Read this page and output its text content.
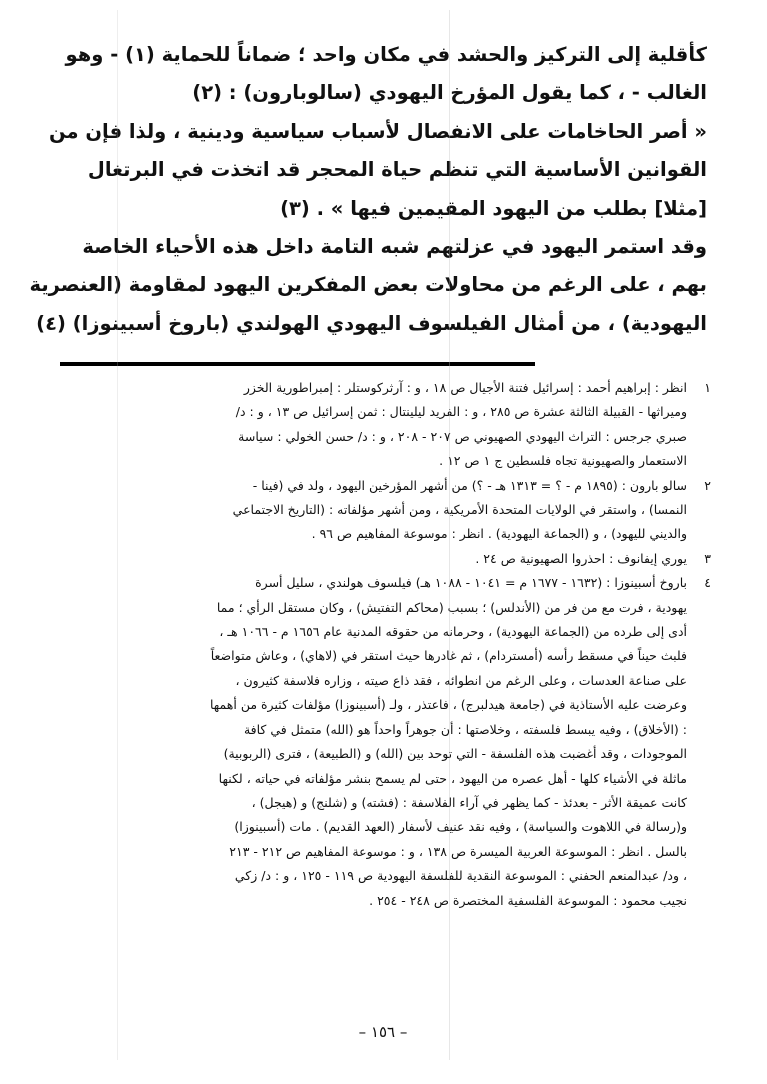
كأقلية إلى التركيز والحشد في مكان واحد ؛ ضماناً للحماية (١) - وهو
الغالب - ، كما يقول المؤرخ اليهودي (سالوبارون) : (٢)
« أصر الحاخامات على الانفصال لأسباب سياسية ودينية ، ولذا فإن من
القوانين الأساسية التي تنظم حياة المحجر قد اتخذت في البرتغال
[مثلا] بطلب من اليهود المقيمين فيها » . (٣)
وقد استمر اليهود في عزلتهم شبه التامة داخل هذه الأحياء الخاصة
بهم ، على الرغم من محاولات بعض المفكرين اليهود لمقاومة (العنصرية
اليهودية) ، من أمثال الفيلسوف اليهودي الهولندي (باروخ أسبينوزا) (٤)
١
انظر : إبراهيم أحمد : إسرائيل فتنة الأجيال ص ١٨ ، و : آرثركوستلر : إمبراطورية الخزر
وميراثها - القبيلة الثالثة عشرة ص ٢٨٥ ، و : الفريد ليلينتال : ثمن إسرائيل ص ١٣ ، و : د/
صبري جرجس : التراث اليهودي الصهيوني ص ٢٠٧ - ٢٠٨ ، و : د/ حسن الخولي : سياسة
الاستعمار والصهيونية تجاه فلسطين ج ١ ص ١٢ .
٢
سالو بارون : (١٨٩٥ م - ؟ = ١٣١٣ هـ - ؟) من أشهر المؤرخين اليهود ، ولد في (فينا -
النمسا) ، واستقر في الولايات المتحدة الأمريكية ، ومن أشهر مؤلفاته : (التاريخ الاجتماعي
والديني لليهود) ، و (الجماعة اليهودية) . انظر : موسوعة المفاهيم ص ٩٦ .
٣
يوري إيفانوف : احذروا الصهيونية ص ٢٤ .
٤
باروخ أسبينوزا : (١٦٣٢ - ١٦٧٧ م = ١٠٤١ - ١٠٨٨ هـ) فيلسوف هولندي ، سليل أسرة
يهودية ، فرت مع من فر من (الأندلس) ؛ بسبب (محاكم التفتيش) ، وكان مستقل الرأي ؛ مما
أدى إلى طرده من (الجماعة اليهودية) ، وحرمانه من حقوقه المدنية عام ١٦٥٦ م - ١٠٦٦ هـ ،
فلبث حيناً في مسقط رأسه (أمستردام) ، ثم غادرها حيث استقر في (لاهاي) ، وعاش متواضعاً
على صناعة العدسات ، وعلى الرغم من انطوائه ، فقد ذاع صيته ، وزاره فلاسفة كثيرون ،
وعرضت عليه الأستاذية في (جامعة هيدلبرج) ، فاعتذر ، ولـ (أسبينوزا) مؤلفات كثيرة من أهمها
: (الأخلاق) ، وفيه يبسط فلسفته ، وخلاصتها : أن جوهراً واحداً هو (الله) متمثل في كافة
الموجودات ، وقد أغضبت هذه الفلسفة - التي توحد بين (الله) و (الطبيعة) ، فترى (الربوبية)
ماثلة في الأشياء كلها - أهل عصره من اليهود ، حتى لم يسمح بنشر مؤلفاته في حياته ، لكنها
كانت عميقة الأثر - بعدئذ - كما يظهر في آراء الفلاسفة : (فشته) و (شلنج) و (هيجل) ،
و(رسالة في اللاهوت والسياسة) ، وفيه نقد عنيف لأسفار (العهد القديم) . مات (أسبينوزا)
بالسل . انظر : الموسوعة العربية الميسرة ص ١٣٨ ، و : موسوعة المفاهيم ص ٢١٢ - ٢١٣
، ود/ عبدالمنعم الحفني : الموسوعة النقدية للفلسفة اليهودية ص ١١٩ - ١٢٥ ، و : د/ زكي
نجيب محمود : الموسوعة الفلسفية المختصرة ص ٢٤٨ - ٢٥٤ .
– ١٥٦ –
